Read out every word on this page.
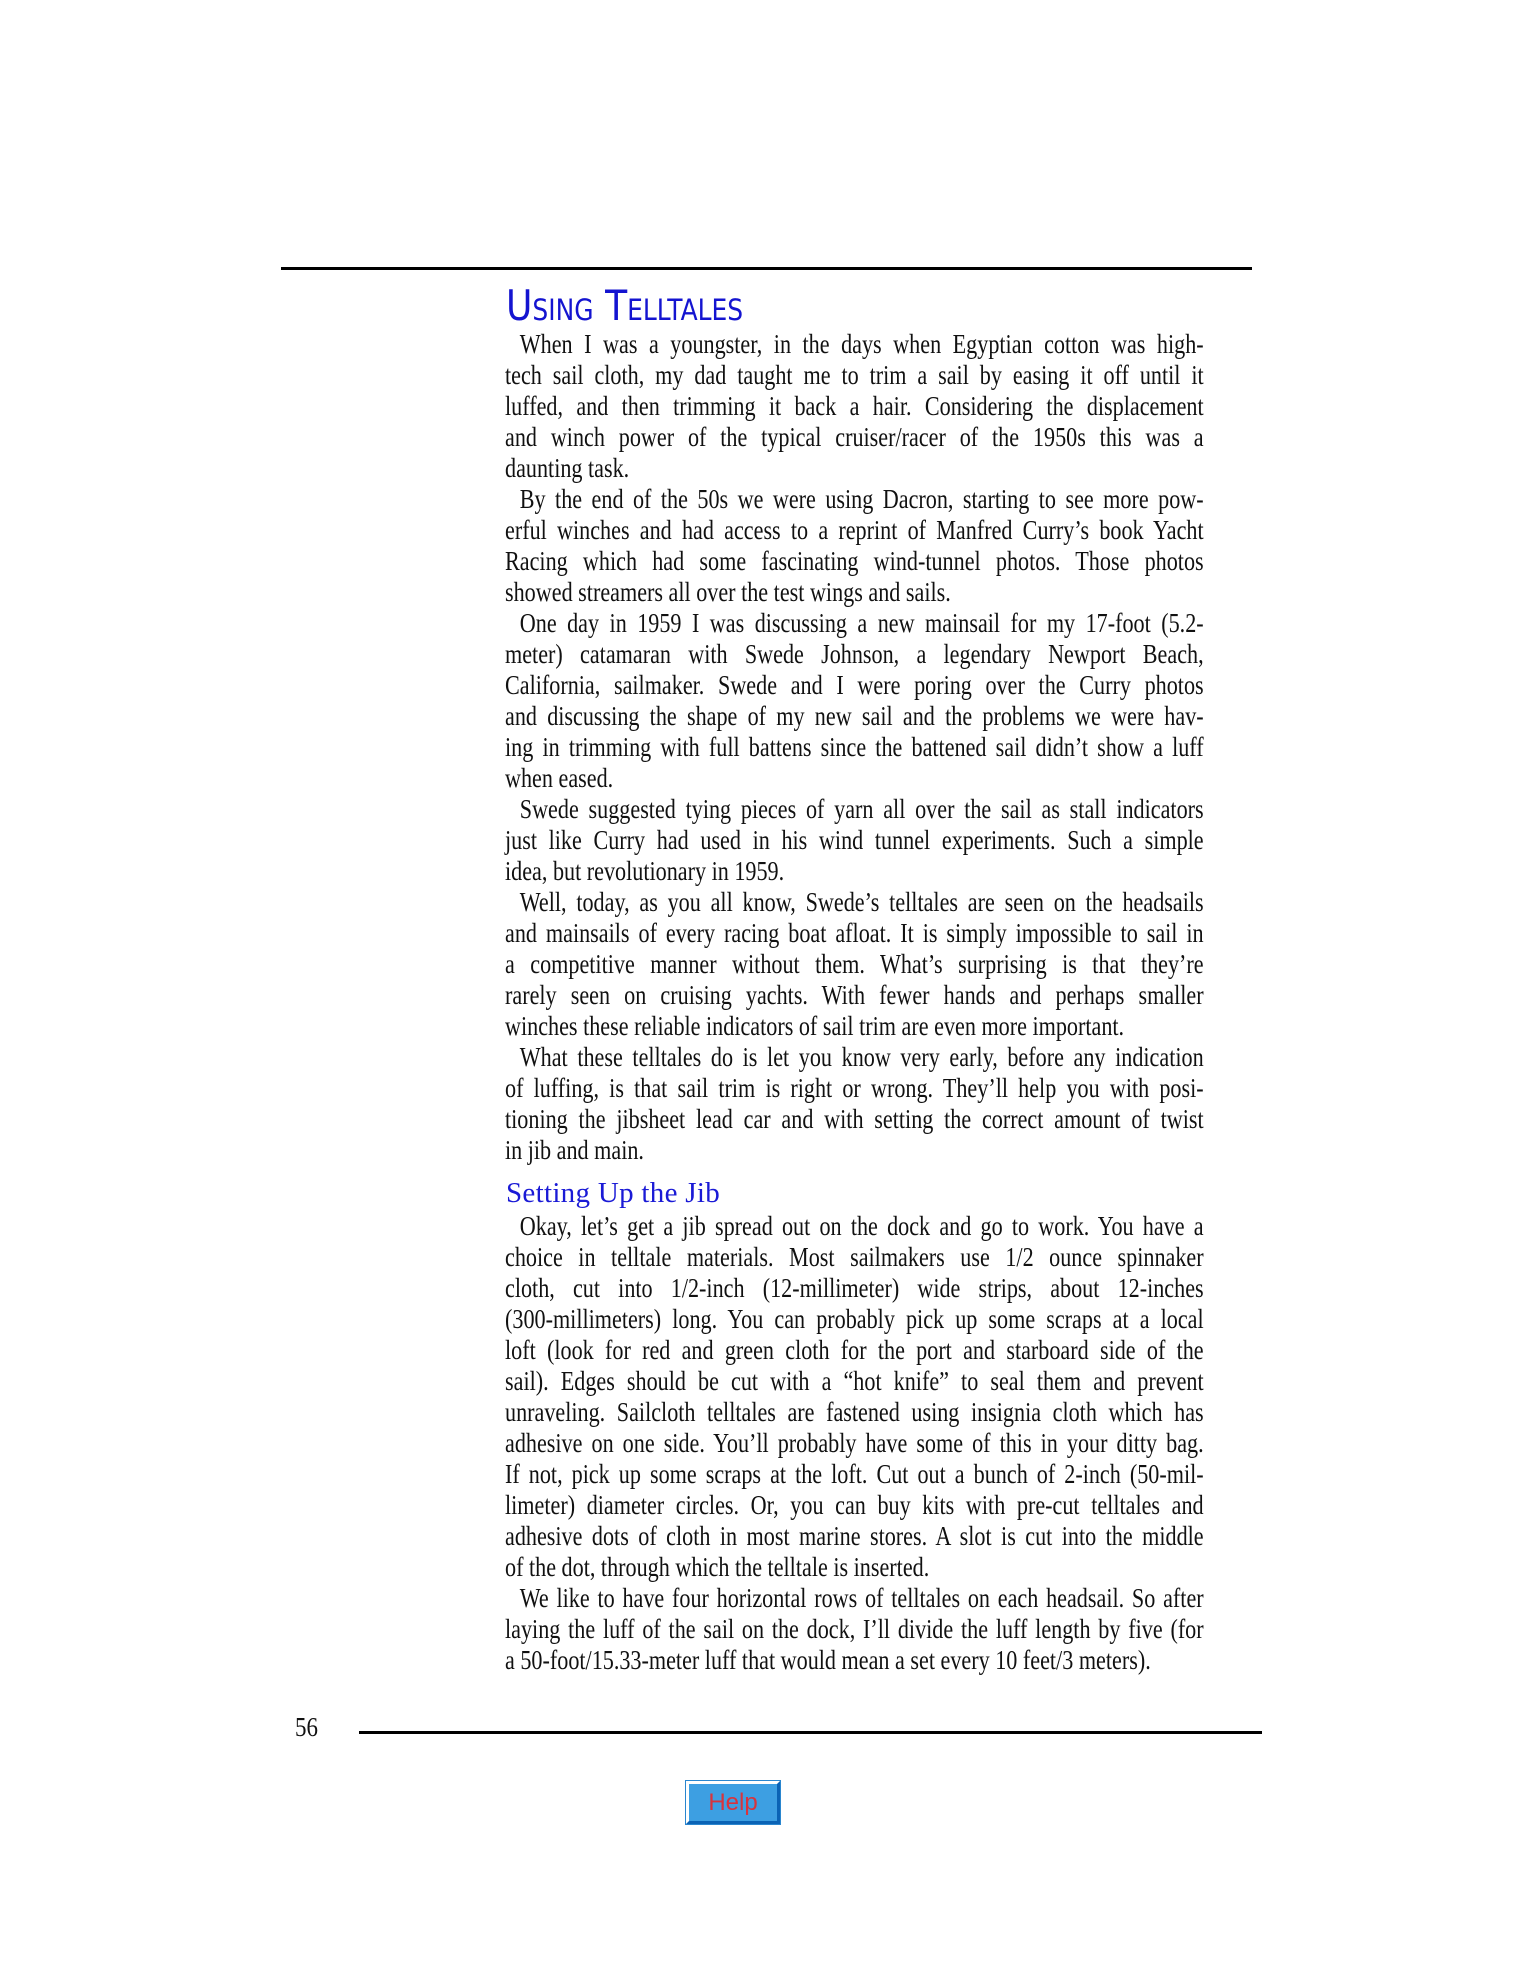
Using Telltales
When I was a youngster, in the days when Egyptian cotton was high-
tech sail cloth, my dad taught me to trim a sail by easing it off until it
luffed, and then trimming it back a hair. Considering the displacement
and winch power of the typical cruiser/racer of the 1950s this was a
daunting task.
By the end of the 50s we were using Dacron, starting to see more pow-
erful winches and had access to a reprint of Manfred Curry’s book Yacht
Racing which had some fascinating wind-tunnel photos. Those photos
showed streamers all over the test wings and sails.
One day in 1959 I was discussing a new mainsail for my 17-foot (5.2-
meter) catamaran with Swede Johnson, a legendary Newport Beach,
California, sailmaker. Swede and I were poring over the Curry photos
and discussing the shape of my new sail and the problems we were hav-
ing in trimming with full battens since the battened sail didn’t show a luff
when eased.
Swede suggested tying pieces of yarn all over the sail as stall indicators
just like Curry had used in his wind tunnel experiments. Such a simple
idea, but revolutionary in 1959.
Well, today, as you all know, Swede’s telltales are seen on the headsails
and mainsails of every racing boat afloat. It is simply impossible to sail in
a competitive manner without them. What’s surprising is that they’re
rarely seen on cruising yachts. With fewer hands and perhaps smaller
winches these reliable indicators of sail trim are even more important.
What these telltales do is let you know very early, before any indication
of luffing, is that sail trim is right or wrong. They’ll help you with posi-
tioning the jibsheet lead car and with setting the correct amount of twist
in jib and main.
Setting Up the Jib
Okay, let’s get a jib spread out on the dock and go to work. You have a
choice in telltale materials. Most sailmakers use 1/2 ounce spinnaker
cloth, cut into 1/2-inch (12-millimeter) wide strips, about 12-inches
(300-millimeters) long. You can probably pick up some scraps at a local
loft (look for red and green cloth for the port and starboard side of the
sail). Edges should be cut with a “hot knife” to seal them and prevent
unraveling. Sailcloth telltales are fastened using insignia cloth which has
adhesive on one side. You’ll probably have some of this in your ditty bag.
If not, pick up some scraps at the loft. Cut out a bunch of 2-inch (50-mil-
limeter) diameter circles. Or, you can buy kits with pre-cut telltales and
adhesive dots of cloth in most marine stores. A slot is cut into the middle
of the dot, through which the telltale is inserted.
We like to have four horizontal rows of telltales on each headsail. So after
laying the luff of the sail on the dock, I’ll divide the luff length by five (for
a 50-foot/15.33-meter luff that would mean a set every 10 feet/3 meters).
56
Help
